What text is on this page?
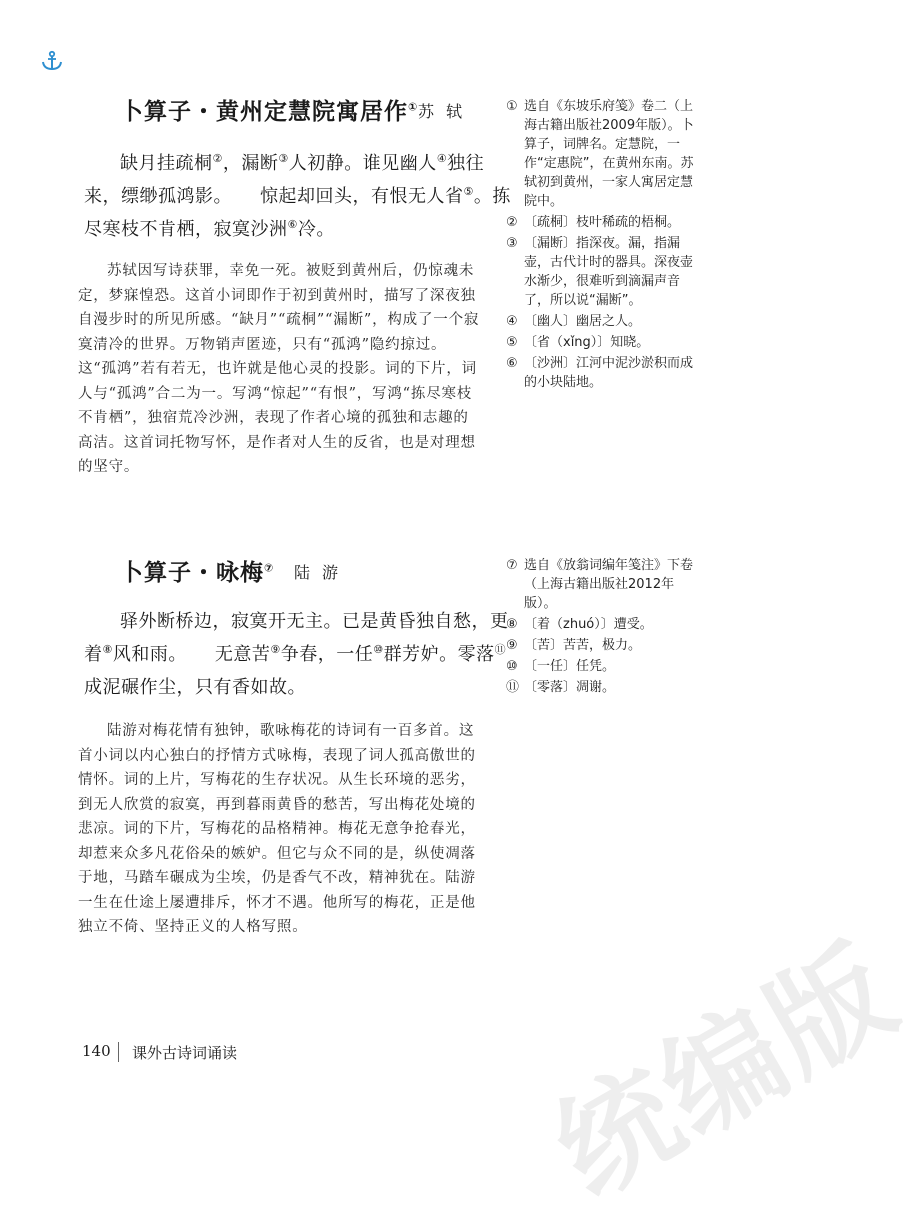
卜算子・黄州定慧院寓居作① 苏轼
缺月挂疏桐②，漏断③人初静。谁见幽人④独往
来，缥缈孤鸿影。　　惊起却回头，有恨无人省⑤。拣
尽寒枝不肯栖，寂寞沙洲⑥冷。

苏轼因写诗获罪，幸免一死。被贬到黄州后，仍惊魂未定，梦寐惶恐。这首小词即作于初到黄州时，描写了深夜独自漫步时的所见所感。“缺月”“疏桐”“漏断”，构成了一个寂寞清冷的世界。万物销声匿迹，只有“孤鸿”隐约掠过。这“孤鸿”若有若无，也许就是他心灵的投影。词的下片，词人与“孤鸿”合二为一。写鸿“惊起”“有恨”，写鸿“拣尽寒枝不肯栖”，独宿荒冷沙洲，表现了作者心境的孤独和志趣的高洁。这首词托物写怀，是作者对人生的反省，也是对理想的坚守。

① 选自《东坡乐府笺》卷二（上海古籍出版社2009年版）。卜算子，词牌名。定慧院，一作“定惠院”，在黄州东南。苏轼初到黄州，一家人寓居定慧院中。
② 〔疏桐〕枝叶稀疏的梧桐。
③ 〔漏断〕指深夜。漏，指漏壶，古代计时的器具。深夜壶水渐少，很难听到滴漏声音了，所以说“漏断”。
④ 〔幽人〕幽居之人。
⑤ 〔省（xǐng）〕知晓。
⑥ 〔沙洲〕江河中泥沙淤积而成的小块陆地。
卜算子・咏梅⑦ 陆游
驿外断桥边，寂寞开无主。已是黄昏独自愁，更
着⑧风和雨。　　无意苦⑨争春，一任⑩群芳妒。零落⑪
成泥碾作尘，只有香如故。

陆游对梅花情有独钟，歌咏梅花的诗词有一百多首。这首小词以内心独白的抒情方式咏梅，表现了词人孤高傲世的情怀。词的上片，写梅花的生存状况。从生长环境的恶劣，到无人欣赏的寂寞，再到暮雨黄昏的愁苦，写出梅花处境的悲凉。词的下片，写梅花的品格精神。梅花无意争抢春光，却惹来众多凡花俗朵的嫉妒。但它与众不同的是，纵使凋落于地，马踏车碾成为尘埃，仍是香气不改，精神犹在。陆游一生在仕途上屡遭排斥，怀才不遇。他所写的梅花，正是他独立不倚、坚持正义的人格写照。

⑦ 选自《放翁词编年笺注》下卷（上海古籍出版社2012年版）。
⑧ 〔着（zhuó）〕遭受。
⑨ 〔苦〕苦苦，极力。
⑩ 〔一任〕任凭。
⑪ 〔零落〕凋谢。
统编版
140 课外古诗词诵读
